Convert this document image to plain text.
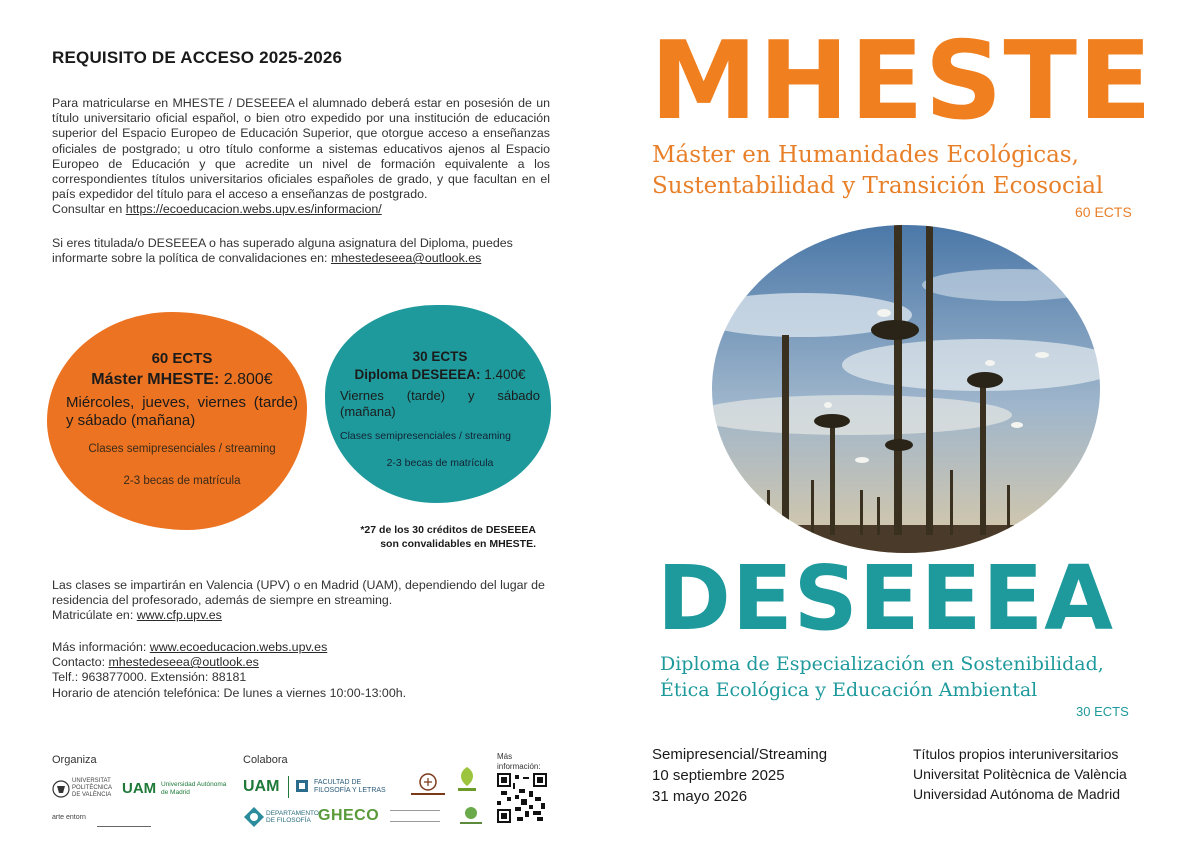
REQUISITO DE ACCESO 2025-2026
Para matricularse en MHESTE / DESEEEA el alumnado deberá estar en posesión de un título universitario oficial español, o bien otro expedido por una institución de educación superior del Espacio Europeo de Educación Superior, que otorgue acceso a enseñanzas oficiales de postgrado; u otro título conforme a sistemas educativos ajenos al Espacio Europeo de Educación y que acredite un nivel de formación equivalente a los correspondientes títulos universitarios oficiales españoles de grado, y que facultan en el país expedidor del título para el acceso a enseñanzas de postgrado.
Consultar en https://ecoeducacion.webs.upv.es/informacion/
Si eres titulada/o DESEEEA o has superado alguna asignatura del Diploma, puedes informarte sobre la política de convalidaciones en: mhestedeseea@outlook.es
60 ECTS
Máster MHESTE: 2.800€
Miércoles, jueves, viernes (tarde) y sábado (mañana)
Clases semipresenciales / streaming
2-3 becas de matrícula
30 ECTS
Diploma DESEEEA: 1.400€
Viernes (tarde) y sábado (mañana)
Clases semipresenciales / streaming
2-3 becas de matrícula
*27 de los 30 créditos de DESEEEA son convalidables en MHESTE.
Las clases se impartirán en Valencia (UPV) o en Madrid (UAM), dependiendo del lugar de residencia del profesorado, además de siempre en streaming.
Matricúlate en: www.cfp.upv.es
Más información: www.ecoeducacion.webs.upv.es
Contacto: mhestedeseea@outlook.es
Telf.: 963877000. Extensión: 88181
Horario de atención telefónica: De lunes a viernes 10:00-13:00h.
Organiza	Colabora	Más información:
UNIVERSITAT POLITÈCNICA DE VALÈNCIA UAM Universidad Autónoma de Madrid
arte entorn
UAM	FACULTAD DE FILOSOFÍA Y LETRAS
DEPARTAMENTO DE FILOSOFÍA GHECO
MHESTE
Máster en Humanidades Ecológicas,
Sustentabilidad y Transición Ecosocial
60 ECTS
DESEEEA
Diploma de Especialización en Sostenibilidad,
Ética Ecológica y Educación Ambiental
30 ECTS
Semipresencial/Streaming
10 septiembre 2025
31 mayo 2026
Títulos propios interuniversitarios
Universitat Politècnica de València
Universidad Autónoma de Madrid
